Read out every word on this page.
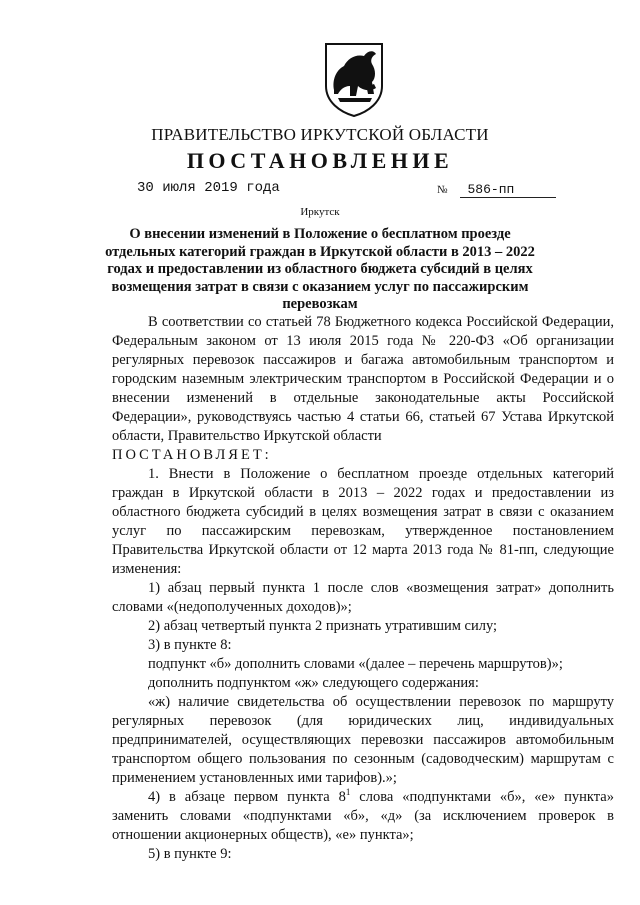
ПРАВИТЕЛЬСТВО ИРКУТСКОЙ ОБЛАСТИ
ПОСТАНОВЛЕНИЕ
30 июля 2019 года	№ 586-пп
Иркутск
О внесении изменений в Положение о бесплатном проезде отдельных категорий граждан в Иркутской области в 2013 – 2022 годах и предоставлении из областного бюджета субсидий в целях возмещения затрат в связи с оказанием услуг по пассажирским перевозкам

В соответствии со статьей 78 Бюджетного кодекса Российской Федерации, Федеральным законом от 13 июля 2015 года № 220-ФЗ «Об организации регулярных перевозок пассажиров и багажа автомобильным транспортом и городским наземным электрическим транспортом в Российской Федерации и о внесении изменений в отдельные законодательные акты Российской Федерации», руководствуясь частью 4 статьи 66, статьей 67 Устава Иркутской области, Правительство Иркутской области

ПОСТАНОВЛЯЕТ:

1. Внести в Положение о бесплатном проезде отдельных категорий граждан в Иркутской области в 2013 – 2022 годах и предоставлении из областного бюджета субсидий в целях возмещения затрат в связи с оказанием услуг по пассажирским перевозкам, утвержденное постановлением Правительства Иркутской области от 12 марта 2013 года № 81-пп, следующие изменения:

1) абзац первый пункта 1 после слов «возмещения затрат» дополнить словами «(недополученных доходов)»;

2) абзац четвертый пункта 2 признать утратившим силу;

3) в пункте 8:

подпункт «б» дополнить словами «(далее – перечень маршрутов)»;

дополнить подпунктом «ж» следующего содержания:

«ж) наличие свидетельства об осуществлении перевозок по маршруту регулярных перевозок (для юридических лиц, индивидуальных предпринимателей, осуществляющих перевозки пассажиров автомобильным транспортом общего пользования по сезонным (садоводческим) маршрутам с применением установленных ими тарифов).»;

4) в абзаце первом пункта $8^1$ слова «подпунктами «б», «е» пункта» заменить словами «подпунктами «б», «д» (за исключением проверок в отношении акционерных обществ), «е» пункта»;

5) в пункте 9:
